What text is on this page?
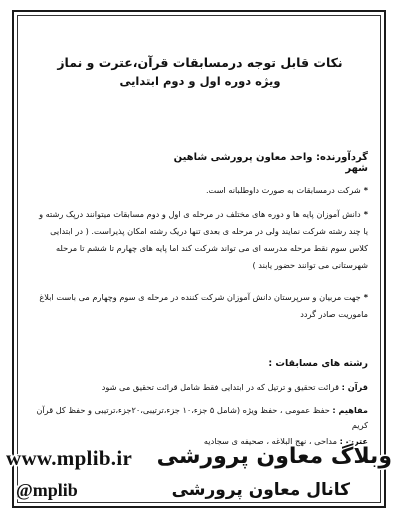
نکات قابل توجه درمسابقات قرآن،عترت و نماز
ویژه دوره اول و دوم ابتدایی
گردآورنده: واحد معاون پرورشی شاهین شهر
*شرکت درمسابقات به صورت داوطلبانه است.
*دانش آموزان پایه ها و دوره های مختلف در مرحله ی اول و دوم مسابقات میتوانند درپک رشته و یا چند رشته شرکت نمایند ولی در مرحله ی بعدی تنها دریک رشته امکان پذیراست. ( در ابتدایی کلاس سوم نقط مرحله مدرسه ای می تواند شرکت کند اما پایه های چهارم تا ششم تا مرحله شهرستانی می توانند حضور یابند )
*جهت مربیان و سرپرستان دانش آموزان شرکت کننده در مرحله ی سوم وچهارم می باست ابلاغ ماموریت صادر گردد
رشته های مسابقات :
قرآن : قرائت تحقیق و ترتیل که در ابتدایی فقط شامل قرائت تحقیق می شود
مفاهیم : حفظ عمومی ، حفظ ویژه (شامل ۵ جزء،۱۰ جزء،ترتیبی،۲۰جزء،ترتیبی و حفظ کل قرآن کریم
عترت : مداحی ، نهج البلاغه ، صحیفه ی سجادیه
www.mplib.ir وبلاگ معاون پرورشی
@mplib	کانال معاون پرورشی
